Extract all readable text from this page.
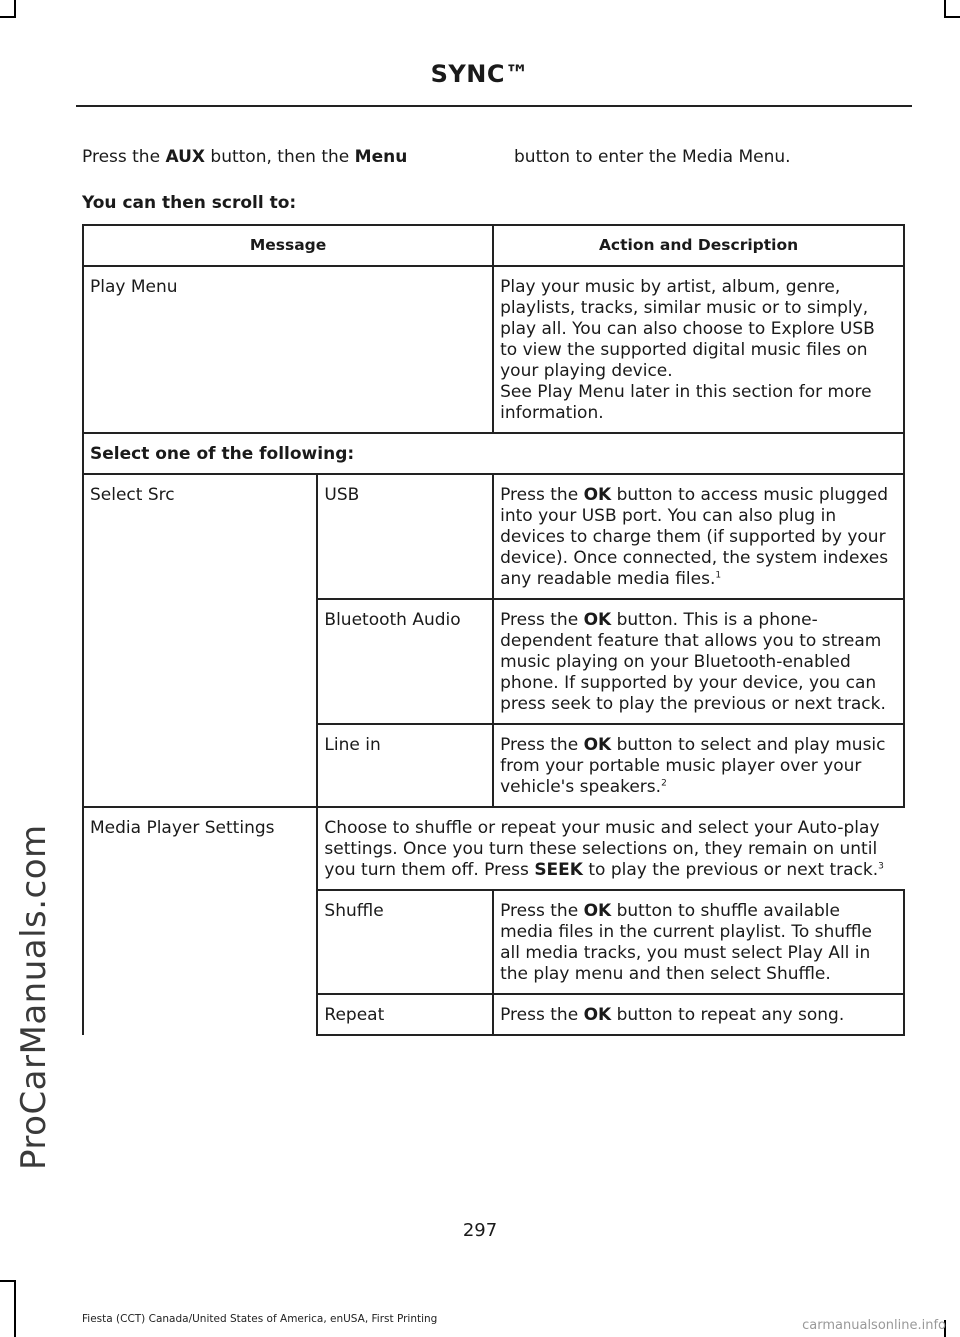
SYNC™
ProCarManuals.com
Press the AUX button, then the Menu	button to enter the Media Menu.
You can then scroll to:
Message		Action and Description
Play Menu		Play your music by artist, album, genre, playlists, tracks, similar music or to simply, play all. You can also choose to Explore USB to view the supported digital music files on your playing device.
See Play Menu later in this section for more information.

Select one of the following:		
Select Src	USB	Press the OK button to access music plugged into your USB port. You can also plug in devices to charge them (if supported by your device). Once connected, the system indexes any readable media files.$^1$
	Bluetooth Audio	Press the OK button. This is a phone-dependent feature that allows you to stream music playing on your Bluetooth-enabled phone. If supported by your device, you can press seek to play the previous or next track.
	Line in	Press the OK button to select and play music from your portable music player over your vehicle's speakers.$^2$
Media Player Settings	Choose to shuffle or repeat your music and select your Auto-play settings. Once you turn these selections on, they remain on until you turn them off. Press SEEK to play the previous or next track.$^3$
	Shuffle	Press the OK button to shuffle available media files in the current playlist. To shuffle all media tracks, you must select Play All in the play menu and then select Shuffle.
	Repeat	Press the OK button to repeat any song.
297
Fiesta (CCT) Canada/United States of America, enUSA, First Printing	carmanualsonline.info
